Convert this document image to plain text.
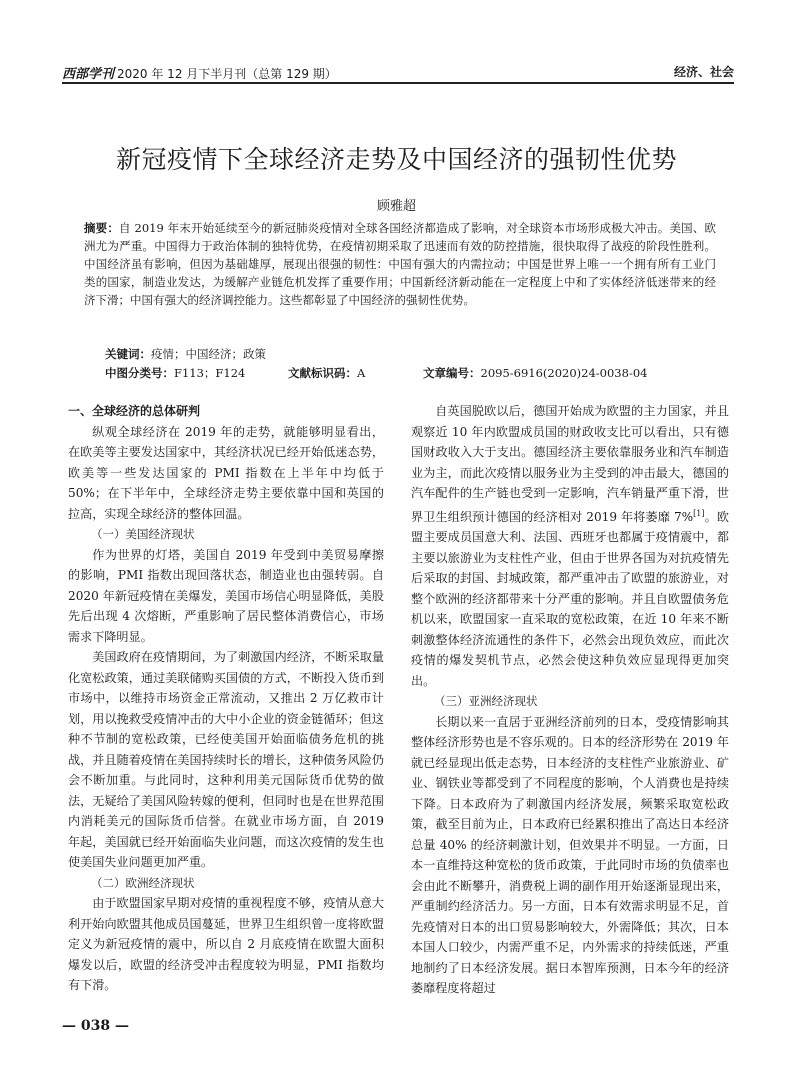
西部学刊 2020 年 12 月下半月刊（总第 129 期）	经济、社会
新冠疫情下全球经济走势及中国经济的强韧性优势
顾雅超

摘要：自 2019 年末开始延续至今的新冠肺炎疫情对全球各国经济都造成了影响，对全球资本市场形成极大冲击。美国、欧洲尤为严重。中国得力于政治体制的独特优势，在疫情初期采取了迅速而有效的防控措施，很快取得了战疫的阶段性胜利。中国经济虽有影响，但因为基础雄厚，展现出很强的韧性：中国有强大的内需拉动；中国是世界上唯一一个拥有所有工业门类的国家，制造业发达，为缓解产业链危机发挥了重要作用；中国新经济新动能在一定程度上中和了实体经济低迷带来的经济下滑；中国有强大的经济调控能力。这些都彰显了中国经济的强韧性优势。

关键词：疫情；中国经济；政策

中图分类号：F113；F124	文献标识码：A	文章编号：2095-6916(2020)24-0038-04
一、全球经济的总体研判

纵观全球经济在 2019 年的走势，就能够明显看出，在欧美等主要发达国家中，其经济状况已经开始低迷态势，欧美等一些发达国家的 PMI 指数在上半年中均低于 50%；在下半年中，全球经济走势主要依靠中国和英国的拉高，实现全球经济的整体回温。

（一）美国经济现状

作为世界的灯塔，美国自 2019 年受到中美贸易摩擦的影响，PMI 指数出现回落状态，制造业也由强转弱。自 2020 年新冠疫情在美爆发，美国市场信心明显降低，美股先后出现 4 次熔断，严重影响了居民整体消费信心，市场需求下降明显。

美国政府在疫情期间，为了刺激国内经济，不断采取量化宽松政策，通过美联储购买国债的方式，不断投入货币到市场中，以维持市场资金正常流动，又推出 2 万亿救市计划，用以挽救受疫情冲击的大中小企业的资金链循环；但这种不节制的宽松政策，已经使美国开始面临债务危机的挑战，并且随着疫情在美国持续时长的增长，这种债务风险仍会不断加重。与此同时，这种利用美元国际货币优势的做法，无疑给了美国风险转嫁的便利，但同时也是在世界范围内消耗美元的国际货币信誉。在就业市场方面，自 2019 年起，美国就已经开始面临失业问题，而这次疫情的发生也使美国失业问题更加严重。

（二）欧洲经济现状

由于欧盟国家早期对疫情的重视程度不够，疫情从意大利开始向欧盟其他成员国蔓延，世界卫生组织曾一度将欧盟定义为新冠疫情的震中，所以自 2 月底疫情在欧盟大面积爆发以后，欧盟的经济受冲击程度较为明显，PMI 指数均有下滑。

自英国脱欧以后，德国开始成为欧盟的主力国家，并且观察近 10 年内欧盟成员国的财政收支比可以看出，只有德国财政收入大于支出。德国经济主要依靠服务业和汽车制造业为主，而此次疫情以服务业为主受到的冲击最大，德国的汽车配件的生产链也受到一定影响，汽车销量严重下滑，世界卫生组织预计德国的经济相对 2019 年将萎靡 7%[1]。欧盟主要成员国意大利、法国、西班牙也都属于疫情震中，都主要以旅游业为支柱性产业，但由于世界各国为对抗疫情先后采取的封国、封城政策，都严重冲击了欧盟的旅游业，对整个欧洲的经济都带来十分严重的影响。并且自欧盟债务危机以来，欧盟国家一直采取的宽松政策，在近 10 年来不断刺激整体经济流通性的条件下，必然会出现负效应，而此次疫情的爆发契机节点，必然会使这种负效应显现得更加突出。

（三）亚洲经济现状

长期以来一直居于亚洲经济前列的日本，受疫情影响其整体经济形势也是不容乐观的。日本的经济形势在 2019 年就已经显现出低走态势，日本经济的支柱性产业旅游业、矿业、钢铁业等都受到了不同程度的影响，个人消费也是持续下降。日本政府为了刺激国内经济发展，频繁采取宽松政策，截至目前为止，日本政府已经累积推出了高达日本经济总量 40% 的经济刺激计划，但效果并不明显。一方面，日本一直维持这种宽松的货币政策，于此同时市场的负债率也会由此不断攀升，消费税上调的副作用开始逐渐显现出来，严重制约经济活力。另一方面，日本有效需求明显不足，首先疫情对日本的出口贸易影响较大，外需降低；其次，日本本国人口较少，内需严重不足，内外需求的持续低迷，严重地制约了日本经济发展。据日本智库预测，日本今年的经济萎靡程度将超过

— 038 —
